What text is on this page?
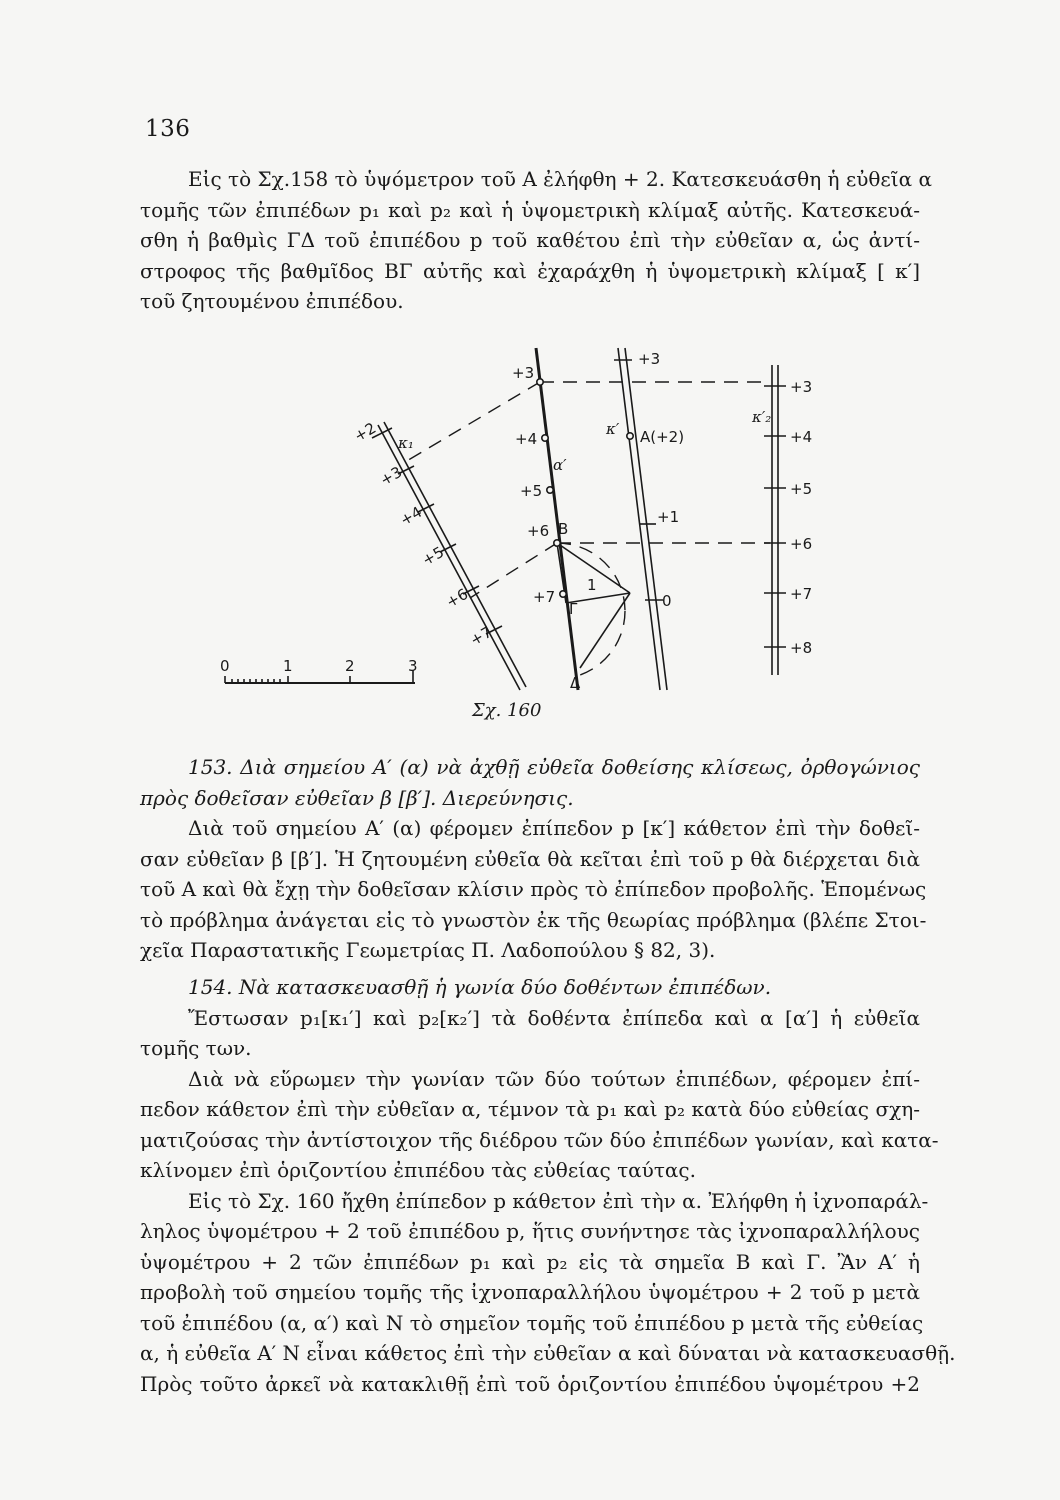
136
Εἰς τὸ Σχ.158 τὸ ὑψόμετρον τοῦ Α ἐλήφθη + 2. Κατεσκευάσθη ἡ εὐθεῖα α
τομῆς τῶν ἐπιπέδων p₁ καὶ p₂ καὶ ἡ ὑψομετρικὴ κλίμαξ αὐτῆς. Κατεσκευά-
σθη ἡ βαθμὶς ΓΔ τοῦ ἐπιπέδου p τοῦ καθέτου ἐπὶ τὴν εὐθεῖαν α, ὡς ἀντί-
στροφος τῆς βαθμῖδος ΒΓ αὐτῆς καὶ ἐχαράχθη ἡ ὑψομετρικὴ κλίμαξ [ κ′]
τοῦ ζητουμένου ἐπιπέδου.
0	1	2	3
+2
+3
+4
+5
+6
+7
κ₁
+3
+4
+5
+6
+7
α′
Β
Γ
Δ
1
+3
κ′ Α(+2)
+1
0
+3
+4
+5
+6
+7
+8
κ′₂
Σχ. 160
153. Διὰ σημείου Α′ (α) νὰ ἀχθῇ εὐθεῖα δοθείσης κλίσεως, ὀρθογώνιος
πρὸς δοθεῖσαν εὐθεῖαν β [β′]. Διερεύνησις.
Διὰ τοῦ σημείου Α′ (α) φέρομεν ἐπίπεδον p [κ′] κάθετον ἐπὶ τὴν δοθεῖ-
σαν εὐθεῖαν β [β′]. Ἡ ζητουμένη εὐθεῖα θὰ κεῖται ἐπὶ τοῦ p θὰ διέρχεται διὰ
τοῦ Α καὶ θὰ ἔχῃ τὴν δοθεῖσαν κλίσιν πρὸς τὸ ἐπίπεδον προβολῆς. Ἑπομένως
τὸ πρόβλημα ἀνάγεται εἰς τὸ γνωστὸν ἐκ τῆς θεωρίας πρόβλημα (βλέπε Στοι-
χεῖα Παραστατικῆς Γεωμετρίας Π. Λαδοπούλου § 82, 3).
154. Νὰ κατασκευασθῇ ἡ γωνία δύο δοθέντων ἐπιπέδων.
Ἔστωσαν p₁[κ₁′] καὶ p₂[κ₂′] τὰ δοθέντα ἐπίπεδα καὶ α [α′] ἡ εὐθεῖα
τομῆς των.
Διὰ νὰ εὕρωμεν τὴν γωνίαν τῶν δύο τούτων ἐπιπέδων, φέρομεν ἐπί-
πεδον κάθετον ἐπὶ τὴν εὐθεῖαν α, τέμνον τὰ p₁ καὶ p₂ κατὰ δύο εὐθείας σχη-
ματιζούσας τὴν ἀντίστοιχον τῆς διέδρου τῶν δύο ἐπιπέδων γωνίαν, καὶ κατα-
κλίνομεν ἐπὶ ὁριζοντίου ἐπιπέδου τὰς εὐθείας ταύτας.
Εἰς τὸ Σχ. 160 ἤχθη ἐπίπεδον p κάθετον ἐπὶ τὴν α. Ἐλήφθη ἡ ἰχνοπαράλ-
ληλος ὑψομέτρου + 2 τοῦ ἐπιπέδου p, ἥτις συνήντησε τὰς ἰχνοπαραλλήλους
ὑψομέτρου + 2 τῶν ἐπιπέδων p₁ καὶ p₂ εἰς τὰ σημεῖα Β καὶ Γ. Ἂν Α′ ἡ
προβολὴ τοῦ σημείου τομῆς τῆς ἰχνοπαραλλήλου ὑψομέτρου + 2 τοῦ p μετὰ
τοῦ ἐπιπέδου (α, α′) καὶ Ν τὸ σημεῖον τομῆς τοῦ ἐπιπέδου p μετὰ τῆς εὐθείας
α, ἡ εὐθεῖα Α′ Ν εἶναι κάθετος ἐπὶ τὴν εὐθεῖαν α καὶ δύναται νὰ κατασκευασθῇ.
Πρὸς τοῦτο ἀρκεῖ νὰ κατακλιθῇ ἐπὶ τοῦ ὁριζοντίου ἐπιπέδου ὑψομέτρου +2
